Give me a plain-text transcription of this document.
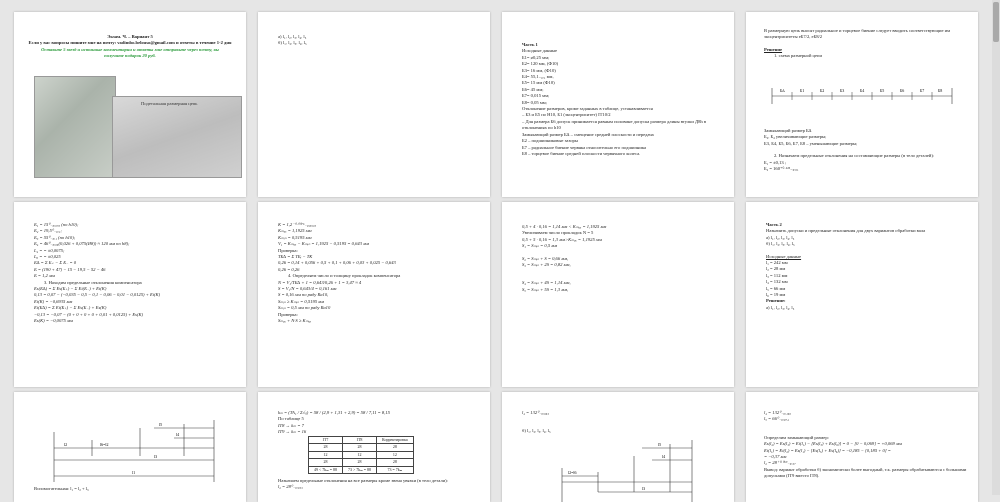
Экзам. Ч. – Вариант 5
Если у вас вопросы пишите мне на почту: vadimbo.belouso@gmail.com и ответы в течение 1-2 дня
Оставьте 5 звезд и истинные комментарии и ответы мне отправьте через почту, вы
получите подарок 20 руб.
Подетальная размерная цепь
а) l₁, l₂, l₃, l₄, l₅
б) l₁, l₂, l₃, l₄, l₅	Часть 1
Исходные данные
Б1= ø0,25 мм;
Б2= 120 мм, (Ф10)
Б3= 16 мм, (Ф10)
Б4= 55,1₋₀,₁ мм,
Б5= 15 мм (Ф10)
Б6= 45 мм;
Б7= 0,015 мм;
Б8= 0,05 мм;
Отклонение размеров, кроме заданных в таблице, устанавливается
– Б3 и Б5 по Н10, Б1 (эксцентриситет) IT10/2
– Для размера Б6 допуск принимается равным половине допуска размера длины втулки Д8h в отклонениях по h10
Замыкающий размер Б∆ – смещение средней плоскости и передача
Б2 – подшипниковые зазоры
Б7 – радиальное биение червяка относительно его подшипника
Б8 – торцевое биение средней плоскости червячного колеса.
В размерную цепь вносят радиальное и торцевое биение следует вводить соответствующие им
эксцентриситеты eБ7/2, eБ8/2
Решение
1. схема размерной цепи
Б∆	Б1	Б2	Б3	Б4	Б5	Б6	Б7	Б8
Замыкающий размер Б∆
Б₂, Б₄ увеличивающие размеры;
Б3, Б4, Б5, Б6, Б7, Б8 – уменьшающие размеры;
2. Назначаем предельные отклонения на составляющие размеры (в тело деталей):
Б₁ = ±0,13 ;
Б₂ = 160⁺⁰·¹²⁵₋₀,₀₁
Б₁ = 15⁰₋₀,₀₇₀ (по h10);
Б₂ = 19,5⁰₋₀,₁;
Б₃ = 55⁰₋₀,₁ (по h10);
Б₄ = 46⁰₋₀,₀₆(0,026 + 0,075(Ø8)) ≈ 120 мм по h8);
L₄ = = ±0,0075;
L₆ = = ±0,025
Б∆ = Σ Б₊ − Σ Б₋ = 0
Б = (190 + 47) − 15 − 19,5 − 52 − 46
Б = 1,2 мм
3. Находим предельные отклонения компенсатора
Еs(Б∆) = Σ Еs(Б₊) − Σ Еi(Б₋) + Еi(К)
0,13 = 0,07 − (−0,035 − 0,5 − 0,1 − 0,06 − 0,01 − 0,0125) + Еi(К)
Еi(К) = −0,6935 мм
Еi(Б∆) = Σ Еi(Б₊) − Σ Еs(Б₋) + Еs(К)
−0,13 = −0,07 − (0 + 0 + 0 + 0 + 0,01 + 0,0125) + Еs(К)
Еs(К) = −0,0075 мм
К = 1,2⁻⁰·⁰⁰⁷⁵₋₀,₆₉₃₅
Кₘₐₓ = 1,1925 мм
Кₘᵢₙ = 0,5195 мм
V₁ = Кₘₐₓ − Кₘᵢₙ = 1,1925 − 0,5195 = 0,643 мм
Проверка:
TБ∆ = Σ TБᵢ − TК
0,26 = 0,14 + 0,056 + 0,5 + 0,1 + 0,06 + 0,03 + 0,025 − 0,643
0,26 = 0,26
4. Определяем число и толщину прокладок компенсатора
N = V₁/TБ∆ + 1 = 0,643/0,26 + 1 = 3,47 ≈ 4
S = V₁/N = 0,643/4 = 0,161 мм
S = 0,16 мм по ряду Ra10,
Sₘᵢₙ ≥ Кₘᵢₙ = 0,5195 мм
Sₘᵢₙ = 0,5 мм по ряду Ra10
Проверка:
Sₘₐₓ + N·S ≥ Кₘₐₓ
0,5 + 4 · 0,16 = 1,14 мм < Кₘₐₓ = 1,1925 мм
Увеличиваем число прокладок N = 5
0,5 + 5 · 0,16 = 1,3 мм>Кₘₐₓ = 1,1925 мм
S₁ = Sₘᵢₙ = 0,5 мм
S₂ = Sₘᵢₙ + S = 0,66 мм,
S₃ = Sₘᵢₙ + 2S = 0,82 мм,
S₄ = Sₘᵢₙ + 4S = 1,14 мм,
S₅ = Sₘᵢₙ + 5S = 1,3 мм,
Часть 2
Назначить допуски и предельные отклонения для двух вариантов обработки вала
а) l₁, l₂, l₃, l₄, l₅
б) l₁, l₂, l₃, l₄, l₅
Исходные данные
l₁ = 242 мм
l₂ = 28 мм
l₃ = 112 мм
l₄ = 132 мм
l₅ = 66 мм
l₆ = 19 мм
Решение:
а) l₁, l₂, l₃, l₄, l₅
l5
l4
l2	l6=l2
l3
l1
Вспомогательная: l₁ = l₂ + l₃
kₘ = (TA₁ / Σ√ᵢⱼ) = 58 / (2,9 + 1,31 + 2,9) = 58 / 7,11 = 8,15
По таблице 5
IT8 → kₘ = 7
IT9 → kₘ = 16
IT7	IT8	Корректировка
28	28	28
12	12	12
28	28	28
49 < 7kₘ = 88	73 > 7kₘ = 88	73 = 7kₘ
Назначаем предельные отклонения на все размеры кроме звена увязки (в тело детали):
l₂ = 28⁰₋₀,₀₃₃
l₄ = 132⁰₋₀,₀₆₃
б) l₁, l₂, l₃, l₄, l₅
l5
l4
l2=l6
l3
l₄ = 132⁰₋₀,₁₆₀
l₅ = 66⁰₋₀,₀₇₄
Определим замыкающий размер:
Еs(l₂) = Еs(l₃) = Еi(l₁) − [Еs(l₅) + Еs(l₆)] = 0 − [0 − 0,069] = +0,069 мм
Еi(l₁) = Еi(l₂) = Еs(l₁) − [Еs(l₅) + Еs(l₆)] = −0,185 − [0,185 + 0] =
= −0,37 мм
l₂ = 28⁺⁰·⁰⁶⁹₋₀,₃₇
Вывод: вариант обработки б) экономически более выгодный, т.к. размеры обрабатываются с большими
допусками (IT9 вместо IT8).
